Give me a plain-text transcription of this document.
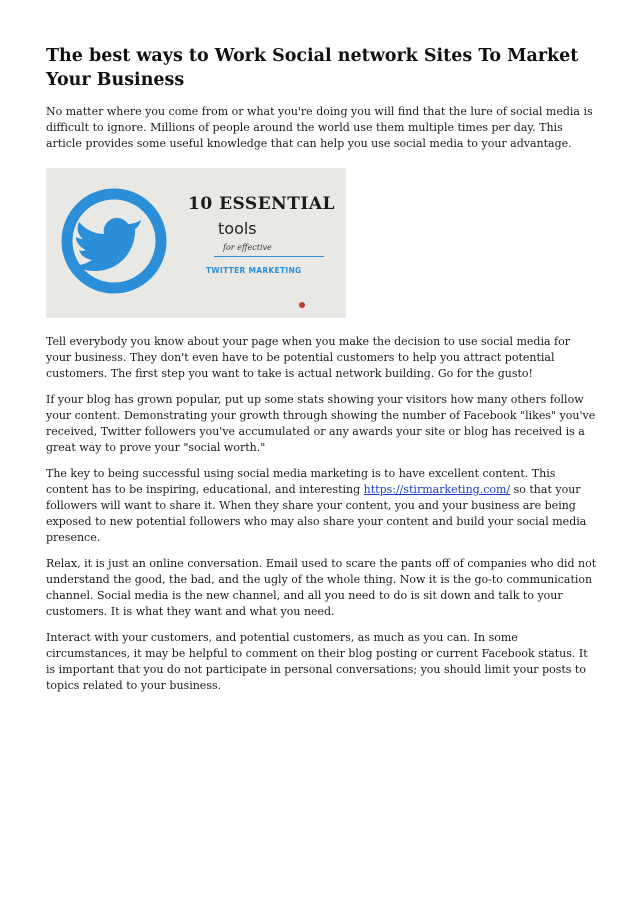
The best ways to Work Social network Sites To Market Your Business

No matter where you come from or what you're doing you will find that the lure of social media is difficult to ignore. Millions of people around the world use them multiple times per day. This article provides some useful knowledge that can help you use social media to your advantage.

10 ESSENTIAL
tools
for effective
TWITTER MARKETING

Tell everybody you know about your page when you make the decision to use social media for your business. They don't even have to be potential customers to help you attract potential customers. The first step you want to take is actual network building. Go for the gusto!

If your blog has grown popular, put up some stats showing your visitors how many others follow your content. Demonstrating your growth through showing the number of Facebook "likes" you've received, Twitter followers you've accumulated or any awards your site or blog has received is a great way to prove your "social worth."

The key to being successful using social media marketing is to have excellent content. This content has to be inspiring, educational, and interesting https://stirmarketing.com/ so that your followers will want to share it. When they share your content, you and your business are being exposed to new potential followers who may also share your content and build your social media presence.

Relax, it is just an online conversation. Email used to scare the pants off of companies who did not understand the good, the bad, and the ugly of the whole thing. Now it is the go-to communication channel. Social media is the new channel, and all you need to do is sit down and talk to your customers. It is what they want and what you need.

Interact with your customers, and potential customers, as much as you can. In some circumstances, it may be helpful to comment on their blog posting or current Facebook status. It is important that you do not participate in personal conversations; you should limit your posts to topics related to your business.
